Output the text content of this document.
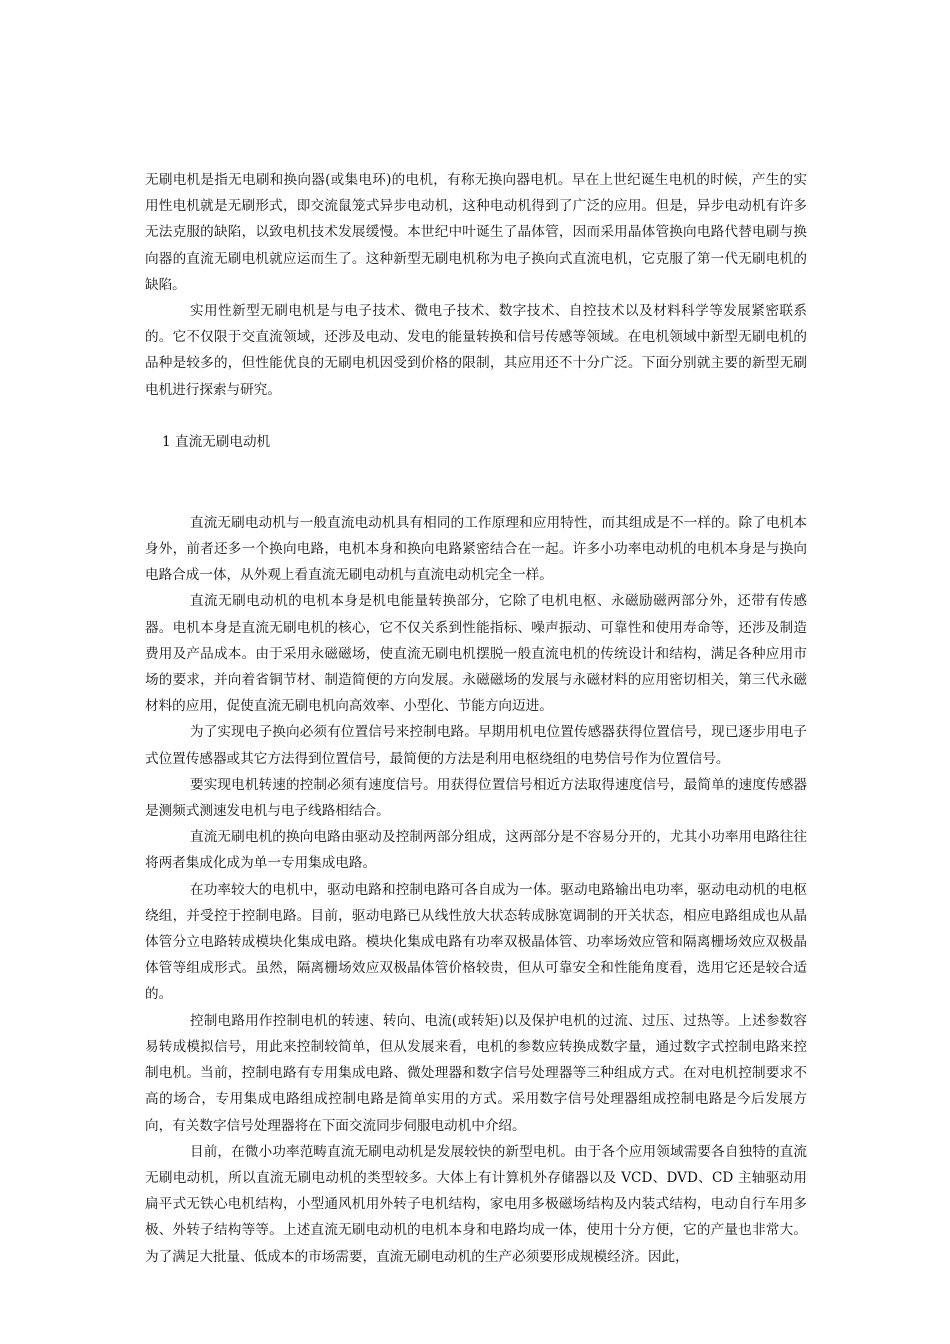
无刷电机是指无电刷和换向器(或集电环)的电机，有称无换向器电机。早在上世纪诞生电机的时候，产生的实用性电机就是无刷形式，即交流鼠笼式异步电动机，这种电动机得到了广泛的应用。但是，异步电动机有许多无法克服的缺陷，以致电机技术发展缓慢。本世纪中叶诞生了晶体管，因而采用晶体管换向电路代替电刷与换向器的直流无刷电机就应运而生了。这种新型无刷电机称为电子换向式直流电机，它克服了第一代无刷电机的缺陷。

实用性新型无刷电机是与电子技术、微电子技术、数字技术、自控技术以及材料科学等发展紧密联系的。它不仅限于交直流领域，还涉及电动、发电的能量转换和信号传感等领域。在电机领域中新型无刷电机的品种是较多的，但性能优良的无刷电机因受到价格的限制，其应用还不十分广泛。下面分别就主要的新型无刷电机进行探索与研究。

1 直流无刷电动机

直流无刷电动机与一般直流电动机具有相同的工作原理和应用特性，而其组成是不一样的。除了电机本身外，前者还多一个换向电路，电机本身和换向电路紧密结合在一起。许多小功率电动机的电机本身是与换向电路合成一体，从外观上看直流无刷电动机与直流电动机完全一样。

直流无刷电动机的电机本身是机电能量转换部分，它除了电机电枢、永磁励磁两部分外，还带有传感器。电机本身是直流无刷电机的核心，它不仅关系到性能指标、噪声振动、可靠性和使用寿命等，还涉及制造费用及产品成本。由于采用永磁磁场，使直流无刷电机摆脱一般直流电机的传统设计和结构，满足各种应用市场的要求，并向着省铜节材、制造简便的方向发展。永磁磁场的发展与永磁材料的应用密切相关，第三代永磁材料的应用，促使直流无刷电机向高效率、小型化、节能方向迈进。

为了实现电子换向必须有位置信号来控制电路。早期用机电位置传感器获得位置信号，现已逐步用电子式位置传感器或其它方法得到位置信号，最简便的方法是利用电枢绕组的电势信号作为位置信号。

要实现电机转速的控制必须有速度信号。用获得位置信号相近方法取得速度信号，最简单的速度传感器是测频式测速发电机与电子线路相结合。

直流无刷电机的换向电路由驱动及控制两部分组成，这两部分是不容易分开的，尤其小功率用电路往往将两者集成化成为单一专用集成电路。

在功率较大的电机中，驱动电路和控制电路可各自成为一体。驱动电路输出电功率，驱动电动机的电枢绕组，并受控于控制电路。目前，驱动电路已从线性放大状态转成脉宽调制的开关状态，相应电路组成也从晶体管分立电路转成模块化集成电路。模块化集成电路有功率双极晶体管、功率场效应管和隔离栅场效应双极晶体管等组成形式。虽然，隔离栅场效应双极晶体管价格较贵，但从可靠安全和性能角度看，选用它还是较合适的。

控制电路用作控制电机的转速、转向、电流(或转矩)以及保护电机的过流、过压、过热等。上述参数容易转成模拟信号，用此来控制较简单，但从发展来看，电机的参数应转换成数字量，通过数字式控制电路来控制电机。当前，控制电路有专用集成电路、微处理器和数字信号处理器等三种组成方式。在对电机控制要求不高的场合，专用集成电路组成控制电路是简单实用的方式。采用数字信号处理器组成控制电路是今后发展方向，有关数字信号处理器将在下面交流同步伺服电动机中介绍。

目前，在微小功率范畴直流无刷电动机是发展较快的新型电机。由于各个应用领域需要各自独特的直流无刷电动机，所以直流无刷电动机的类型较多。大体上有计算机外存储器以及 VCD、DVD、CD 主轴驱动用扁平式无铁心电机结构，小型通风机用外转子电机结构，家电用多极磁场结构及内装式结构，电动自行车用多极、外转子结构等等。上述直流无刷电动机的电机本身和电路均成一体，使用十分方便，它的产量也非常大。为了满足大批量、低成本的市场需要，直流无刷电动机的生产必须要形成规模经济。因此，
